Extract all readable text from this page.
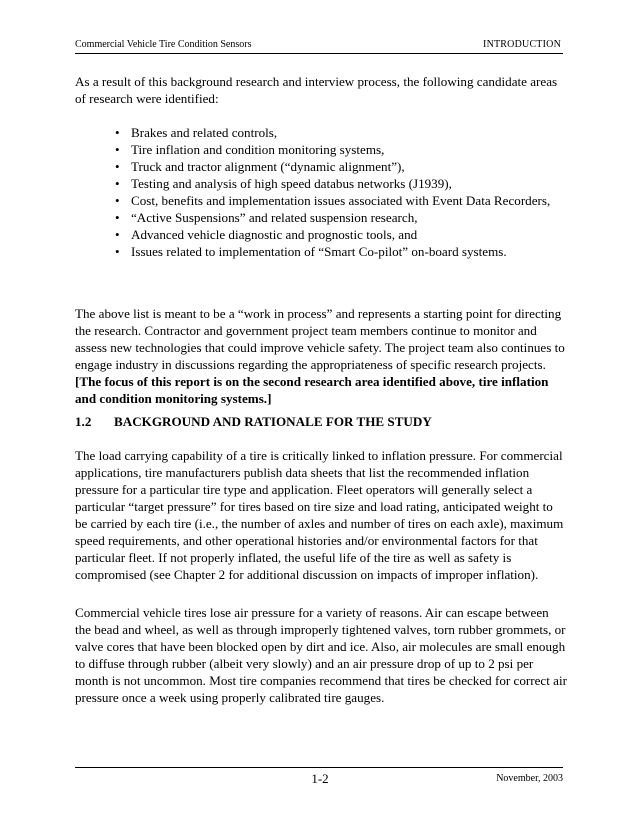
Commercial Vehicle Tire Condition Sensors	INTRODUCTION

As a result of this background research and interview process, the following candidate areas of research were identified:

• Brakes and related controls,
• Tire inflation and condition monitoring systems,
• Truck and tractor alignment (“dynamic alignment”),
• Testing and analysis of high speed databus networks (J1939),
• Cost, benefits and implementation issues associated with Event Data Recorders,
• “Active Suspensions” and related suspension research,
• Advanced vehicle diagnostic and prognostic tools, and
• Issues related to implementation of “Smart Co-pilot” on-board systems.

The above list is meant to be a “work in process” and represents a starting point for directing the research. Contractor and government project team members continue to monitor and assess new technologies that could improve vehicle safety. The project team also continues to engage industry in discussions regarding the appropriateness of specific research projects. [The focus of this report is on the second research area identified above, tire inflation and condition monitoring systems.]

1.2 BACKGROUND AND RATIONALE FOR THE STUDY

The load carrying capability of a tire is critically linked to inflation pressure. For commercial applications, tire manufacturers publish data sheets that list the recommended inflation pressure for a particular tire type and application. Fleet operators will generally select a particular “target pressure” for tires based on tire size and load rating, anticipated weight to be carried by each tire (i.e., the number of axles and number of tires on each axle), maximum speed requirements, and other operational histories and/or environmental factors for that particular fleet. If not properly inflated, the useful life of the tire as well as safety is compromised (see Chapter 2 for additional discussion on impacts of improper inflation).

Commercial vehicle tires lose air pressure for a variety of reasons. Air can escape between the bead and wheel, as well as through improperly tightened valves, torn rubber grommets, or valve cores that have been blocked open by dirt and ice. Also, air molecules are small enough to diffuse through rubber (albeit very slowly) and an air pressure drop of up to 2 psi per month is not uncommon. Most tire companies recommend that tires be checked for correct air pressure once a week using properly calibrated tire gauges.

1-2	November, 2003
